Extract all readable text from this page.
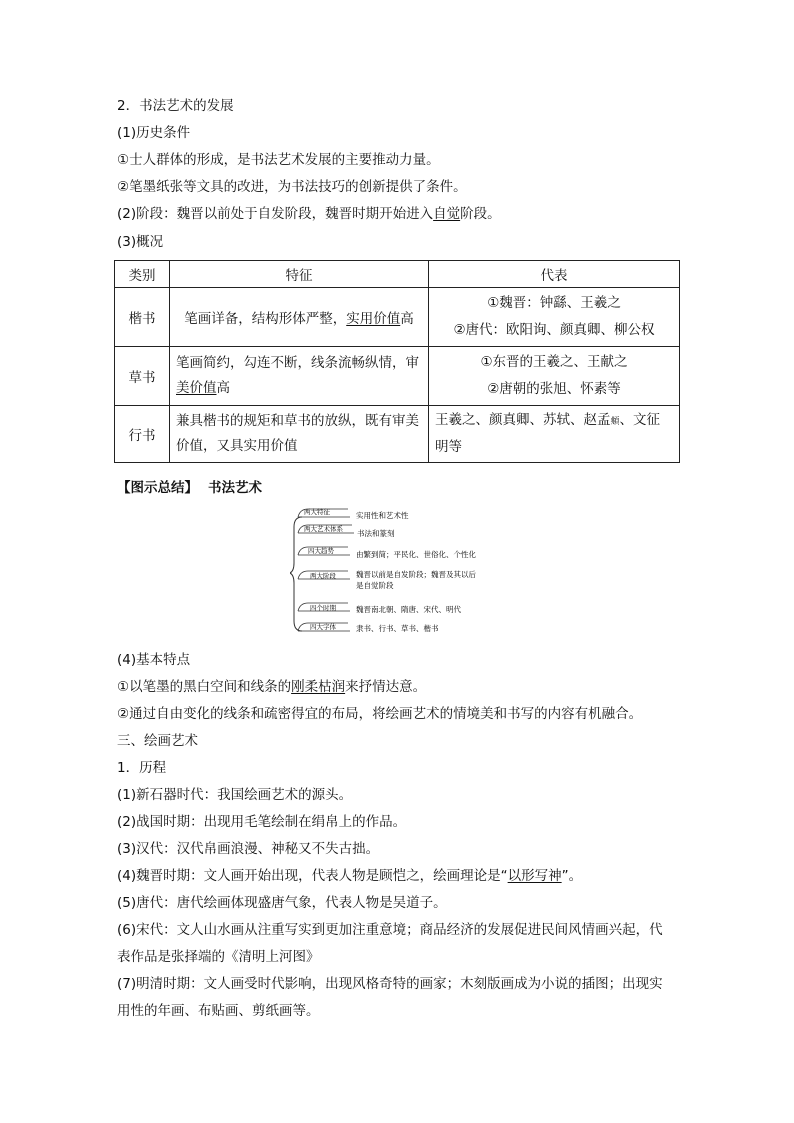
2．书法艺术的发展
(1)历史条件
①士人群体的形成，是书法艺术发展的主要推动力量。
②笔墨纸张等文具的改进，为书法技巧的创新提供了条件。
(2)阶段：魏晋以前处于自发阶段，魏晋时期开始进入自觉阶段。
(3)概况
类别	特征	代表
楷书	笔画详备，结构形体严整，实用价值高	①魏晋：钟繇、王羲之
②唐代：欧阳询、颜真卿、柳公权

草书	笔画简约，勾连不断，线条流畅纵情，审
美价值高	①东晋的王羲之、王献之
②唐朝的张旭、怀素等

行书	兼具楷书的规矩和草书的放纵，既有审美
价值，又具实用价值	王羲之、颜真卿、苏轼、赵孟頫、文征
明等
【图示总结】 书法艺术
两大特征	实用性和艺术性
两大艺术体系 书法和篆刻
四大趋势	由繁到简；平民化、世俗化、个性化
两大阶段	魏晋以前是自发阶段；魏晋及其以后
是自觉阶段
四个时期	魏晋南北朝、隋唐、宋代、明代
四大字体	隶书、行书、草书、楷书
(4)基本特点
①以笔墨的黑白空间和线条的刚柔枯润来抒情达意。
②通过自由变化的线条和疏密得宜的布局，将绘画艺术的情境美和书写的内容有机融合。
三、绘画艺术
1．历程
(1)新石器时代：我国绘画艺术的源头。
(2)战国时期：出现用毛笔绘制在绢帛上的作品。
(3)汉代：汉代帛画浪漫、神秘又不失古拙。
(4)魏晋时期：文人画开始出现，代表人物是顾恺之，绘画理论是“以形写神”。
(5)唐代：唐代绘画体现盛唐气象，代表人物是吴道子。
(6)宋代：文人山水画从注重写实到更加注重意境；商品经济的发展促进民间风情画兴起，代
表作品是张择端的《清明上河图》
(7)明清时期：文人画受时代影响，出现风格奇特的画家；木刻版画成为小说的插图；出现实
用性的年画、布贴画、剪纸画等。
